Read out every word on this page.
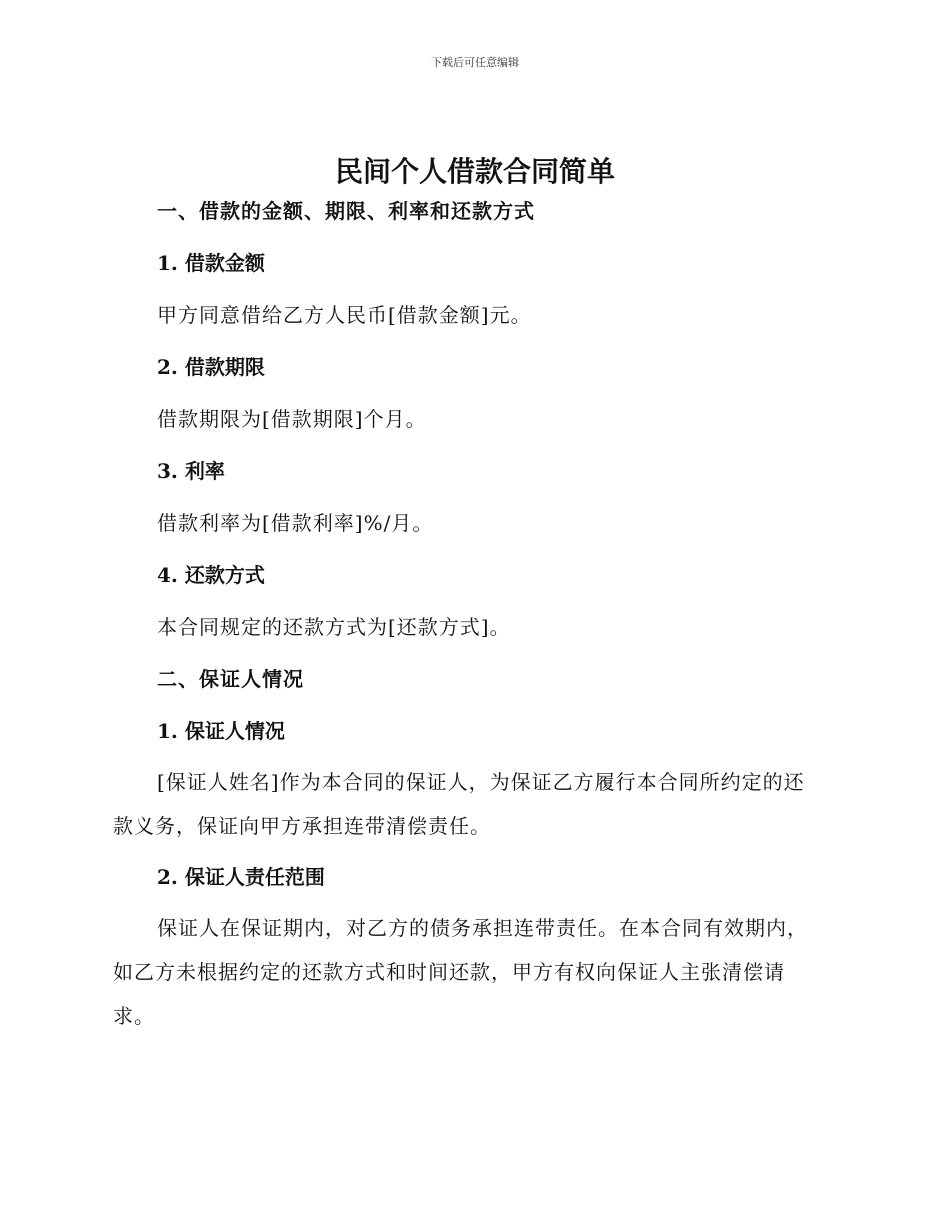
下载后可任意编辑
民间个人借款合同简单
一、借款的金额、期限、利率和还款方式
1. 借款金额

甲方同意借给乙方人民币[借款金额]元。

2. 借款期限

借款期限为[借款期限]个月。

3. 利率

借款利率为[借款利率]%/月。

4. 还款方式

本合同规定的还款方式为[还款方式]。

二、保证人情况
1. 保证人情况

[保证人姓名]作为本合同的保证人，为保证乙方履行本合同所约定的还款义务，保证向甲方承担连带清偿责任。

2. 保证人责任范围

保证人在保证期内，对乙方的债务承担连带责任。在本合同有效期内，如乙方未根据约定的还款方式和时间还款，甲方有权向保证人主张清偿请求。
